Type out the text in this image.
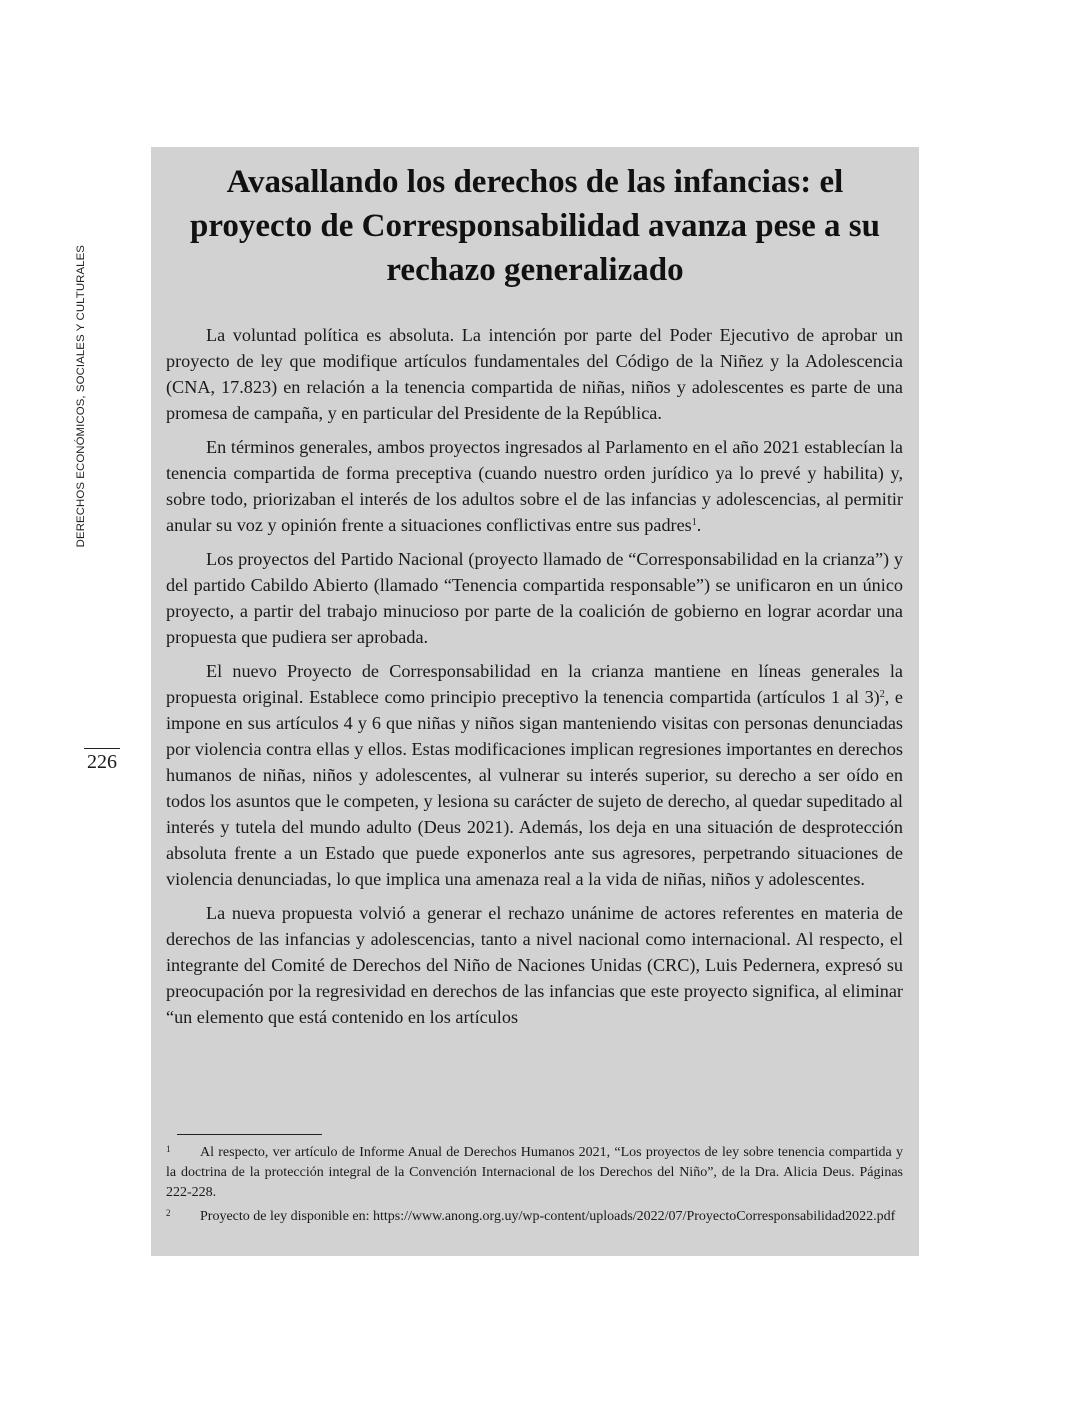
DERECHOS ECONÓMICOS, SOCIALES Y CULTURALES
226
Avasallando los derechos de las infancias: el proyecto de Corresponsabilidad avanza pese a su rechazo generalizado

La voluntad política es absoluta. La intención por parte del Poder Ejecutivo de aprobar un proyecto de ley que modifique artículos fundamentales del Código de la Niñez y la Adolescencia (CNA, 17.823) en relación a la tenencia compartida de niñas, niños y adolescentes es parte de una promesa de campaña, y en particular del Presidente de la República.

En términos generales, ambos proyectos ingresados al Parlamento en el año 2021 establecían la tenencia compartida de forma preceptiva (cuando nuestro orden jurídico ya lo prevé y habilita) y, sobre todo, priorizaban el interés de los adultos sobre el de las infancias y adolescencias, al permitir anular su voz y opinión frente a situaciones conflictivas entre sus padres$^1$.

Los proyectos del Partido Nacional (proyecto llamado de “Corresponsabilidad en la crianza”) y del partido Cabildo Abierto (llamado “Tenencia compartida responsable”) se unificaron en un único proyecto, a partir del trabajo minucioso por parte de la coalición de gobierno en lograr acordar una propuesta que pudiera ser aprobada.

El nuevo Proyecto de Corresponsabilidad en la crianza mantiene en líneas generales la propuesta original. Establece como principio preceptivo la tenencia compartida (artículos 1 al 3)$^2$, e impone en sus artículos 4 y 6 que niñas y niños sigan manteniendo visitas con personas denunciadas por violencia contra ellas y ellos. Estas modificaciones implican regresiones importantes en derechos humanos de niñas, niños y adolescentes, al vulnerar su interés superior, su derecho a ser oído en todos los asuntos que le competen, y lesiona su carácter de sujeto de derecho, al quedar supeditado al interés y tutela del mundo adulto (Deus 2021). Además, los deja en una situación de desprotección absoluta frente a un Estado que puede exponerlos ante sus agresores, perpetrando situaciones de violencia denunciadas, lo que implica una amenaza real a la vida de niñas, niños y adolescentes.

La nueva propuesta volvió a generar el rechazo unánime de actores referentes en materia de derechos de las infancias y adolescencias, tanto a nivel nacional como internacional. Al respecto, el integrante del Comité de Derechos del Niño de Naciones Unidas (CRC), Luis Pedernera, expresó su preocupación por la regresividad en derechos de las infancias que este proyecto significa, al eliminar “un elemento que está contenido en los artículos

1 Al respecto, ver artículo de Informe Anual de Derechos Humanos 2021, “Los proyectos de ley sobre tenencia compartida y la doctrina de la protección integral de la Convención Internacional de los Derechos del Niño”, de la Dra. Alicia Deus. Páginas 222-228.

2 Proyecto de ley disponible en: https://www.anong.org.uy/wp-content/uploads/2022/07/ProyectoCorresponsabilidad2022.pdf
